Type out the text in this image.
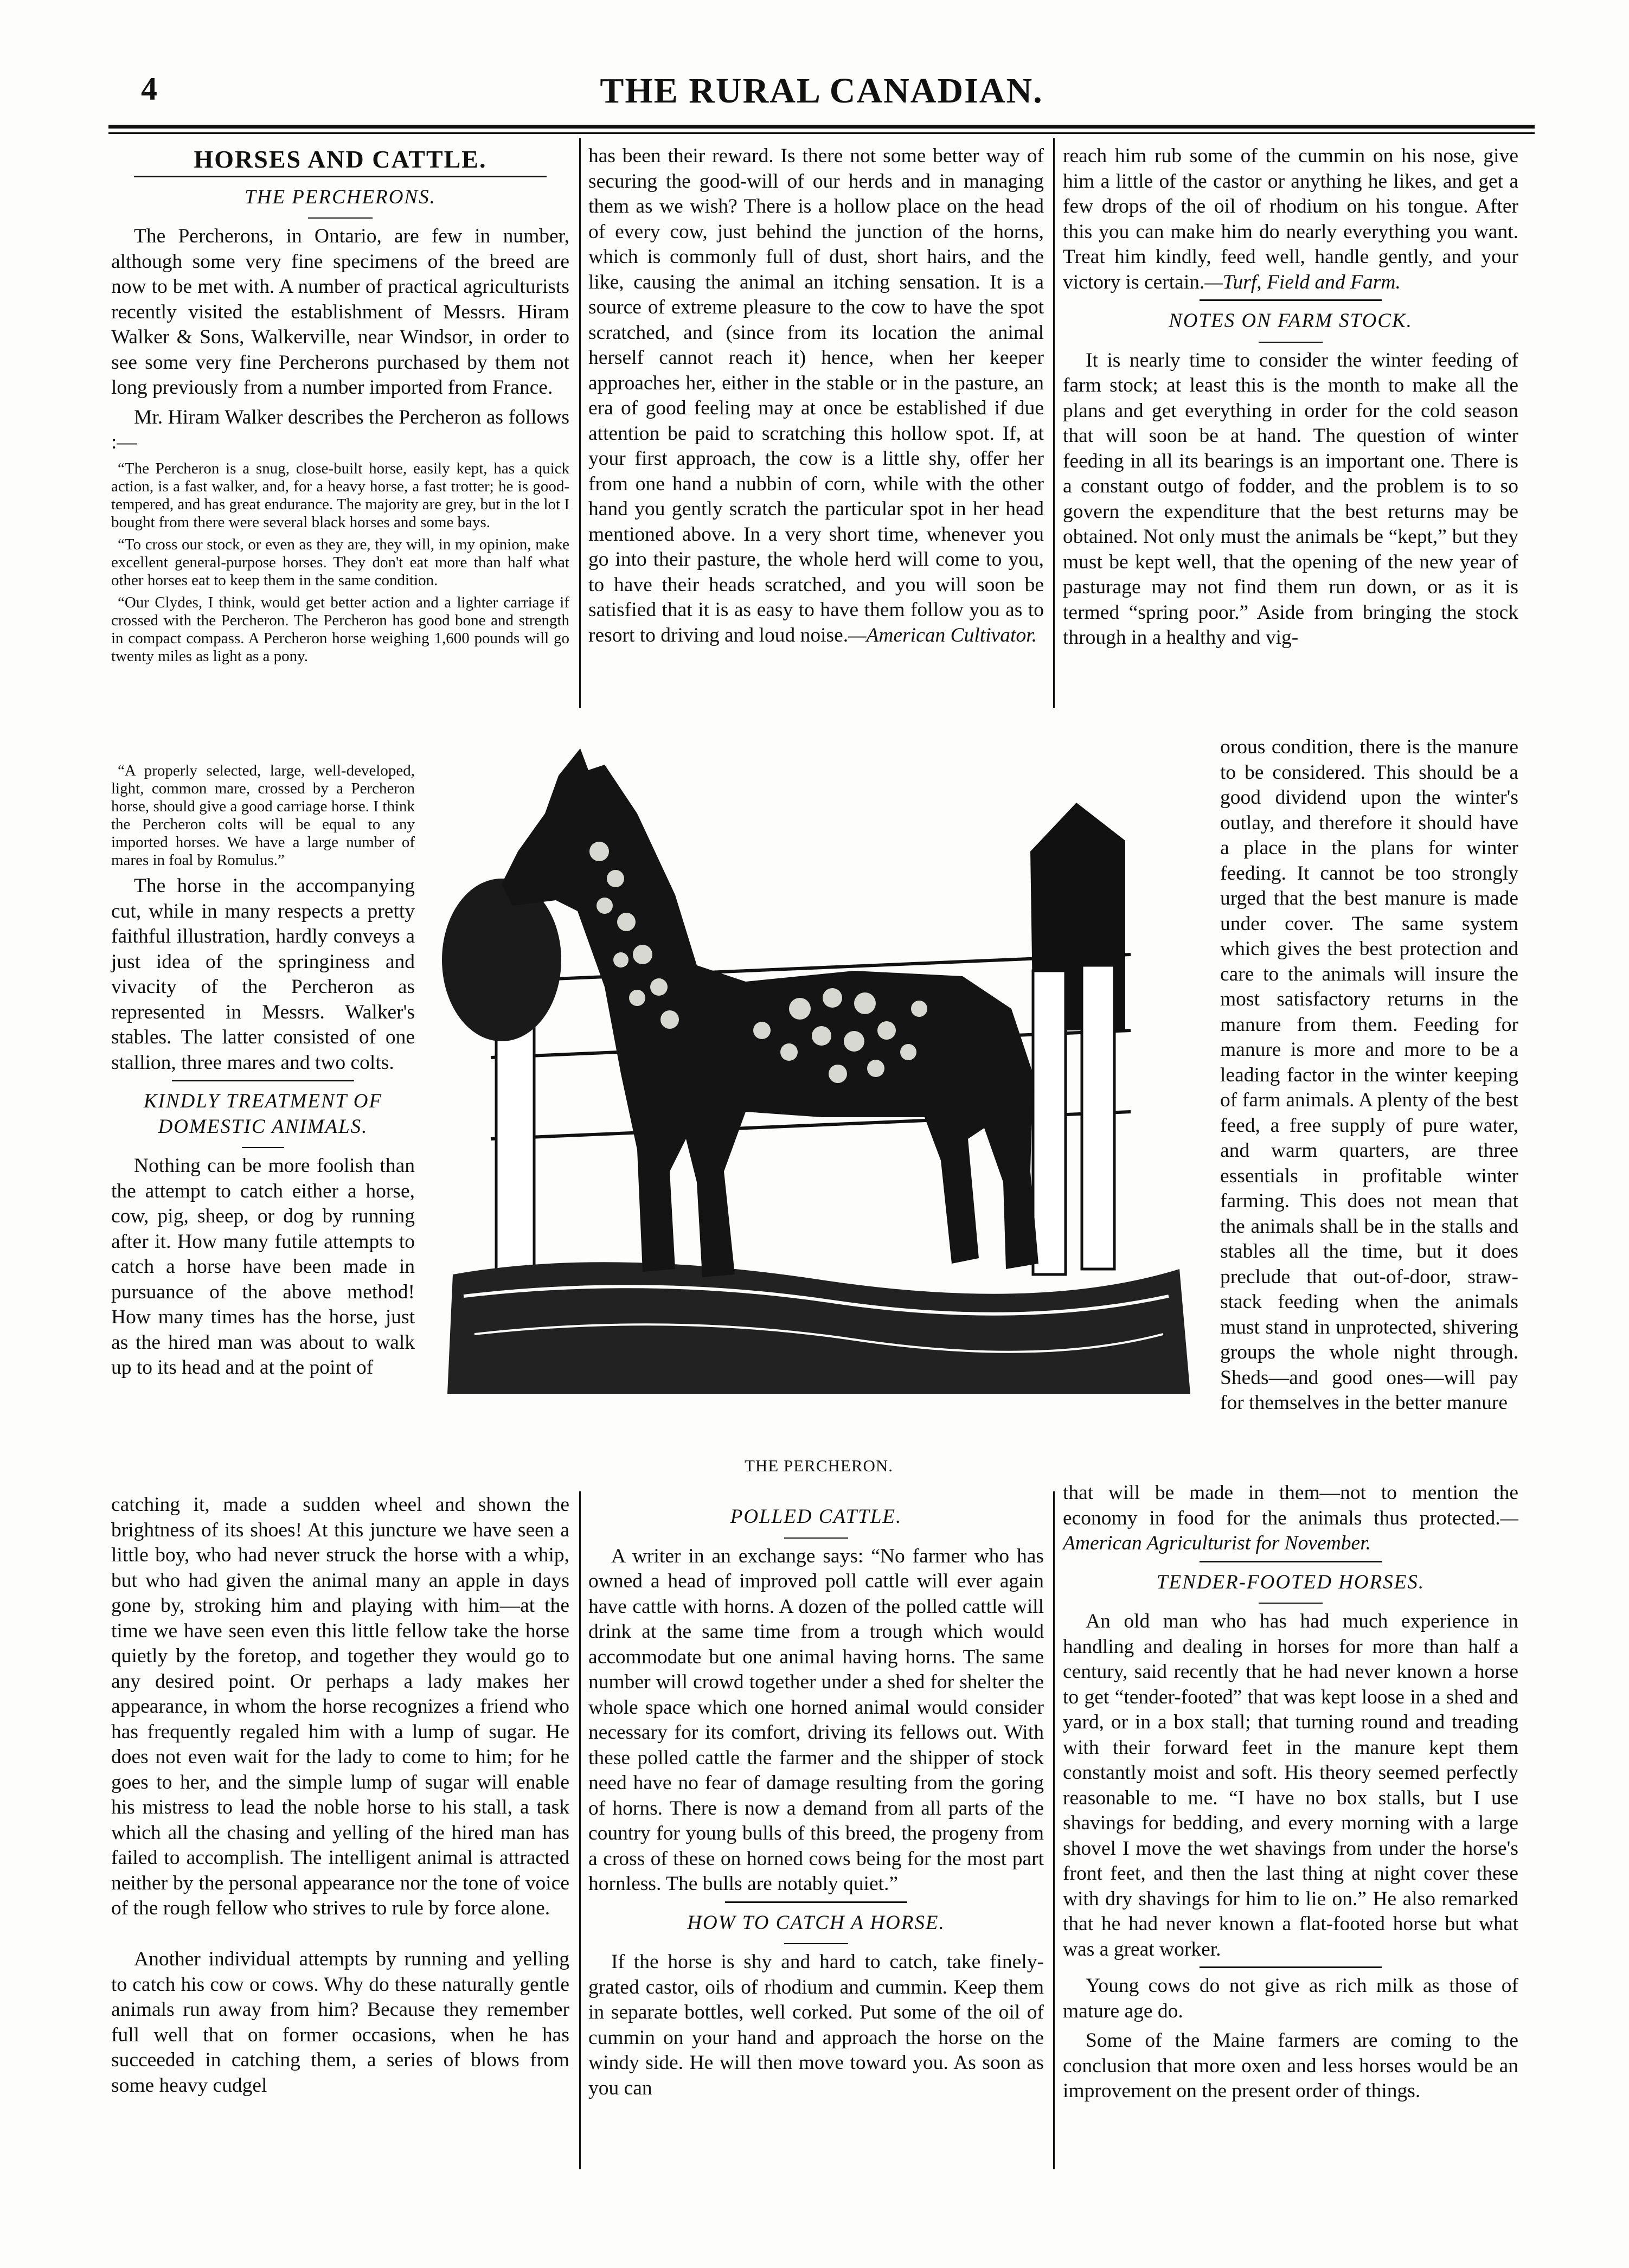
4	THE RURAL CANADIAN.
HORSES AND CATTLE.

THE PERCHERONS.

The Percherons, in Ontario, are few in number, although some very fine specimens of the breed are now to be met with. A number of practical agriculturists recently visited the establishment of Messrs. Hiram Walker & Sons, Walkerville, near Windsor, in order to see some very fine Percherons purchased by them not long previously from a number imported from France.

Mr. Hiram Walker describes the Percheron as follows :—

“The Percheron is a snug, close-built horse, easily kept, has a quick action, is a fast walker, and, for a heavy horse, a fast trotter; he is good-tempered, and has great endurance. The majority are grey, but in the lot I bought from there were several black horses and some bays.

“To cross our stock, or even as they are, they will, in my opinion, make excellent general-purpose horses. They don't eat more than half what other horses eat to keep them in the same condition.

“Our Clydes, I think, would get better action and a lighter carriage if crossed with the Percheron. The Percheron has good bone and strength in compact compass. A Percheron horse weighing 1,600 pounds will go twenty miles as light as a pony.

“A properly selected, large, well-developed, light, common mare, crossed by a Percheron horse, should give a good carriage horse. I think the Percheron colts will be equal to any imported horses. We have a large number of mares in foal by Romulus.”

The horse in the accompanying cut, while in many respects a pretty faithful illustration, hardly conveys a just idea of the springiness and vivacity of the Percheron as represented in Messrs. Walker's stables. The latter consisted of one stallion, three mares and two colts.

KINDLY TREATMENT OF DOMESTIC ANIMALS.

Nothing can be more foolish than the attempt to catch either a horse, cow, pig, sheep, or dog by running after it. How many futile attempts to catch a horse have been made in pursuance of the above method! How many times has the horse, just as the hired man was about to walk up to its head and at the point of

Another individual attempts by running and yelling to catch his cow or cows. Why do these naturally gentle animals run away from him? Because they remember full well that on former occasions, when he has succeeded in catching them, a series of blows from some heavy cudgel

catching it, made a sudden wheel and shown the brightness of its shoes! At this juncture we have seen a little boy, who had never struck the horse with a whip, but who had given the animal many an apple in days gone by, stroking him and playing with him—at the time we have seen even this little fellow take the horse quietly by the foretop, and together they would go to any desired point. Or perhaps a lady makes her appearance, in whom the horse recognizes a friend who has frequently regaled him with a lump of sugar. He does not even wait for the lady to come to him; for he goes to her, and the simple lump of sugar will enable his mistress to lead the noble horse to his stall, a task which all the chasing and yelling of the hired man has failed to accomplish. The intelligent animal is attracted neither by the personal appearance nor the tone of voice of the rough fellow who strives to rule by force alone.

has been their reward. Is there not some better way of securing the good-will of our herds and in managing them as we wish? There is a hollow place on the head of every cow, just behind the junction of the horns, which is commonly full of dust, short hairs, and the like, causing the animal an itching sensation. It is a source of extreme pleasure to the cow to have the spot scratched, and (since from its location the animal herself cannot reach it) hence, when her keeper approaches her, either in the stable or in the pasture, an era of good feeling may at once be established if due attention be paid to scratching this hollow spot. If, at your first approach, the cow is a little shy, offer her from one hand a nubbin of corn, while with the other hand you gently scratch the particular spot in her head mentioned above. In a very short time, whenever you go into their pasture, the whole herd will come to you, to have their heads scratched, and you will soon be satisfied that it is as easy to have them follow you as to resort to driving and loud noise.—American Cultivator.

reach him rub some of the cummin on his nose, give him a little of the castor or anything he likes, and get a few drops of the oil of rhodium on his tongue. After this you can make him do nearly everything you want. Treat him kindly, feed well, handle gently, and your victory is certain.—Turf, Field and Farm.

NOTES ON FARM STOCK.

It is nearly time to consider the winter feeding of farm stock; at least this is the month to make all the plans and get everything in order for the cold season that will soon be at hand. The question of winter feeding in all its bearings is an important one. There is a constant outgo of fodder, and the problem is to so govern the expenditure that the best returns may be obtained. Not only must the animals be “kept,” but they must be kept well, that the opening of the new year of pasturage may not find them run down, or as it is termed “spring poor.” Aside from bringing the stock through in a healthy and vig-

orous condition, there is the manure to be considered. This should be a good dividend upon the winter's outlay, and therefore it should have a place in the plans for winter feeding. It cannot be too strongly urged that the best manure is made under cover. The same system which gives the best protection and care to the animals will insure the most satisfactory returns in the manure from them. Feeding for manure is more and more to be a leading factor in the winter keeping of farm animals. A plenty of the best feed, a free supply of pure water, and warm quarters, are three essentials in profitable winter farming. This does not mean that the animals shall be in the stalls and stables all the time, but it does preclude that out-of-door, straw-stack feeding when the animals must stand in unprotected, shivering groups the whole night through. Sheds—and good ones—will pay for themselves in the better manure

THE PERCHERON.

POLLED CATTLE.

A writer in an exchange says: “No farmer who has owned a head of improved poll cattle will ever again have cattle with horns. A dozen of the polled cattle will drink at the same time from a trough which would accommodate but one animal having horns. The same number will crowd together under a shed for shelter the whole space which one horned animal would consider necessary for its comfort, driving its fellows out. With these polled cattle the farmer and the shipper of stock need have no fear of damage resulting from the goring of horns. There is now a demand from all parts of the country for young bulls of this breed, the progeny from a cross of these on horned cows being for the most part hornless. The bulls are notably quiet.”

HOW TO CATCH A HORSE.

If the horse is shy and hard to catch, take finely-grated castor, oils of rhodium and cummin. Keep them in separate bottles, well corked. Put some of the oil of cummin on your hand and approach the horse on the windy side. He will then move toward you. As soon as you can

that will be made in them—not to mention the economy in food for the animals thus protected.—American Agriculturist for November.

TENDER-FOOTED HORSES.

An old man who has had much experience in handling and dealing in horses for more than half a century, said recently that he had never known a horse to get “tender-footed” that was kept loose in a shed and yard, or in a box stall; that turning round and treading with their forward feet in the manure kept them constantly moist and soft. His theory seemed perfectly reasonable to me. “I have no box stalls, but I use shavings for bedding, and every morning with a large shovel I move the wet shavings from under the horse's front feet, and then the last thing at night cover these with dry shavings for him to lie on.” He also remarked that he had never known a flat-footed horse but what was a great worker.

Young cows do not give as rich milk as those of mature age do.

Some of the Maine farmers are coming to the conclusion that more oxen and less horses would be an improvement on the present order of things.
